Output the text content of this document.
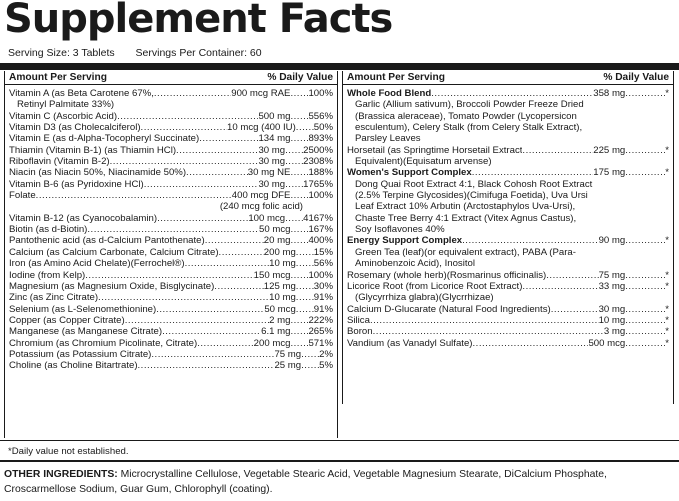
Supplement Facts
Serving Size: 3 Tablets Servings Per Container: 60
Amount Per Serving	% Daily Value
Vitamin A (as Beta Carotene 67%, .....	900 mcg RAE ..... 100%
Retinyl Palmitate 33%)
Vitamin C (Ascorbic Acid) .....	500 mg ..... 556%
Vitamin D3 (as Cholecalciferol) .....	10 mcg (400 IU) ..... 50%
Vitamin E (as d-Alpha-Tocopheryl Succinate) .....	134 mg ..... 893%
Thiamin (Vitamin B-1) (as Thiamin HCl) .....	30 mg ..... 2500%
Riboflavin (Vitamin B-2) .....	30 mg ..... 2308%
Niacin (as Niacin 50%, Niacinamide 50%) .....	30 mg NE ..... 188%
Vitamin B-6 (as Pyridoxine HCl) .....	30 mg ..... 1765%
Folate .....	400 mcg DFE ..... 100%
(240 mcg folic acid)
Vitamin B-12 (as Cyanocobalamin) .....	100 mcg ..... 4167%
Biotin (as d-Biotin) .....	50 mcg ..... 167%
Pantothenic acid (as d-Calcium Pantothenate) .....	20 mg ..... 400%
Calcium (as Calcium Carbonate, Calcium Citrate) .....	200 mg ..... 15%
Iron (as Amino Acid Chelate)(Ferrochel®) .....	10 mg ..... 56%
Iodine (from Kelp) .....	150 mcg ..... 100%
Magnesium (as Magnesium Oxide, Bisglycinate) .....	125 mg ..... 30%
Zinc (as Zinc Citrate) .....	10 mg ..... 91%
Selenium (as L-Selenomethionine) .....	50 mcg ..... 91%
Copper (as Copper Citrate) .....	2 mg ..... 222%
Manganese (as Manganese Citrate) .....	6.1 mg ..... 265%
Chromium (as Chromium Picolinate, Citrate) .....	200 mcg ..... 571%
Potassium (as Potassium Citrate) .....	75 mg ..... 2%
Choline (as Choline Bitartrate) .....	25 mg ..... 5%
Amount Per Serving	% Daily Value
Whole Food Blend .....	358 mg .....	*
Garlic (Allium sativum), Broccoli Powder Freeze Dried
(Brassica aleraceae), Tomato Powder (Lycopersicon
esculentum), Celery Stalk (from Celery Stalk Extract),
Parsley Leaves
Horsetail (as Springtime Horsetail Extract .....	225 mg .....	*
Equivalent)(Equisatum arvense)
Women's Support Complex .....	175 mg .....	*
Dong Quai Root Extract 4:1, Black Cohosh Root Extract
(2.5% Terpine Glycosides)(Cimifuga Foetida), Uva Ursi
Leaf Extract 10% Arbutin (Arctostaphylos Uva-Ursi),
Chaste Tree Berry 4:1 Extract (Vitex Agnus Castus),
Soy Isoflavones 40%
Energy Support Complex .....	90 mg .....	*
Green Tea (leaf)(or equivalent extract), PABA (Para-
Aminobenzoic Acid), Inositol
Rosemary (whole herb)(Rosmarinus officinalis) .....	75 mg .....	*
Licorice Root (from Licorice Root Extract) .....	33 mg .....	*
(Glycyrrhiza glabra)(Glycrrhizae)
Calcium D-Glucarate (Natural Food Ingredients) .....	30 mg .....	*
Silica .....	10 mg .....	*
Boron .....	3 mg .....	*
Vandium (as Vanadyl Sulfate) .....	500 mcg .....	*
*Daily value not established.
OTHER INGREDIENTS: Microcrystalline Cellulose, Vegetable Stearic Acid, Vegetable Magnesium Stearate, DiCalcium Phosphate, Croscarmellose Sodium, Guar Gum, Chlorophyll (coating).
